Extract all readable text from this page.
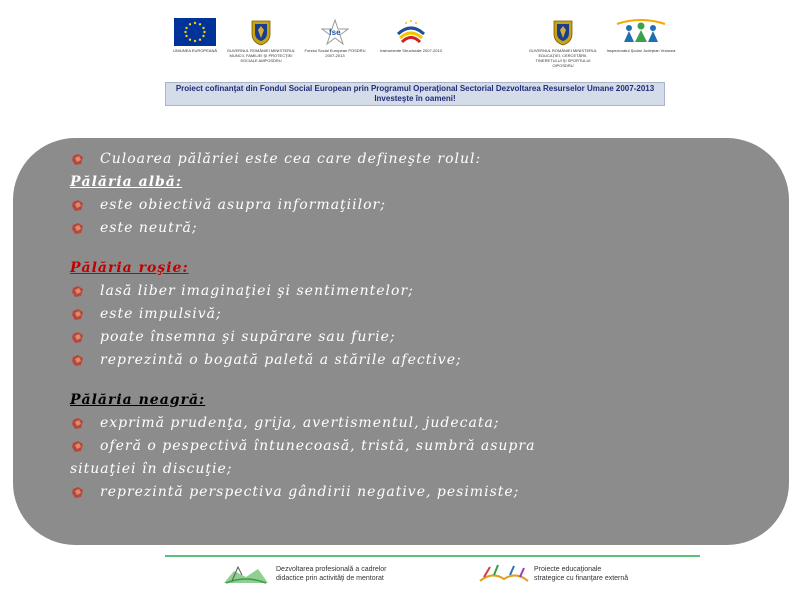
UNIUNEA EUROPEANĂ	GUVERNUL ROMÂNIEI MINISTERUL MUNCII, FAMILIEI ŞI PROTECŢIEI SOCIALE AMPOSDRU
fse
Fondul Social European POSDRU 2007-2013
Instrumente Structurale 2007-2013	GUVERNUL ROMÂNIEI MINISTERUL EDUCAŢIEI, CERCETĂRII, TINERETULUI ŞI SPORTULUI OIPOSDRU
Inspectoratul Şcolar Judeţean Vrancea
Proiect cofinanţat din Fondul Social European prin Programul Operaţional Sectorial Dezvoltarea Resurselor Umane 2007-2013
Investeşte în oameni!
Culoarea pălăriei este cea care defineşte rolul:
Pălăria albă:
este obiectivă asupra informaţiilor;
este neutră;
Pălăria roşie:
lasă liber imaginaţiei şi sentimentelor;
este impulsivă;
poate însemna şi supărare sau furie;
reprezintă o bogată paletă a stările afective;
Pălăria neagră:
exprimă prudenţa, grija, avertismentul, judecata;
oferă o pespectivă întunecoasă, tristă, sumbră asupra
situaţiei în discuţie;
reprezintă perspectiva gândirii negative, pesimiste;
Dezvoltarea profesională a cadrelor
didactice prin activităţi de mentorat
Proiecte educaţionale
strategice cu finanţare externă
